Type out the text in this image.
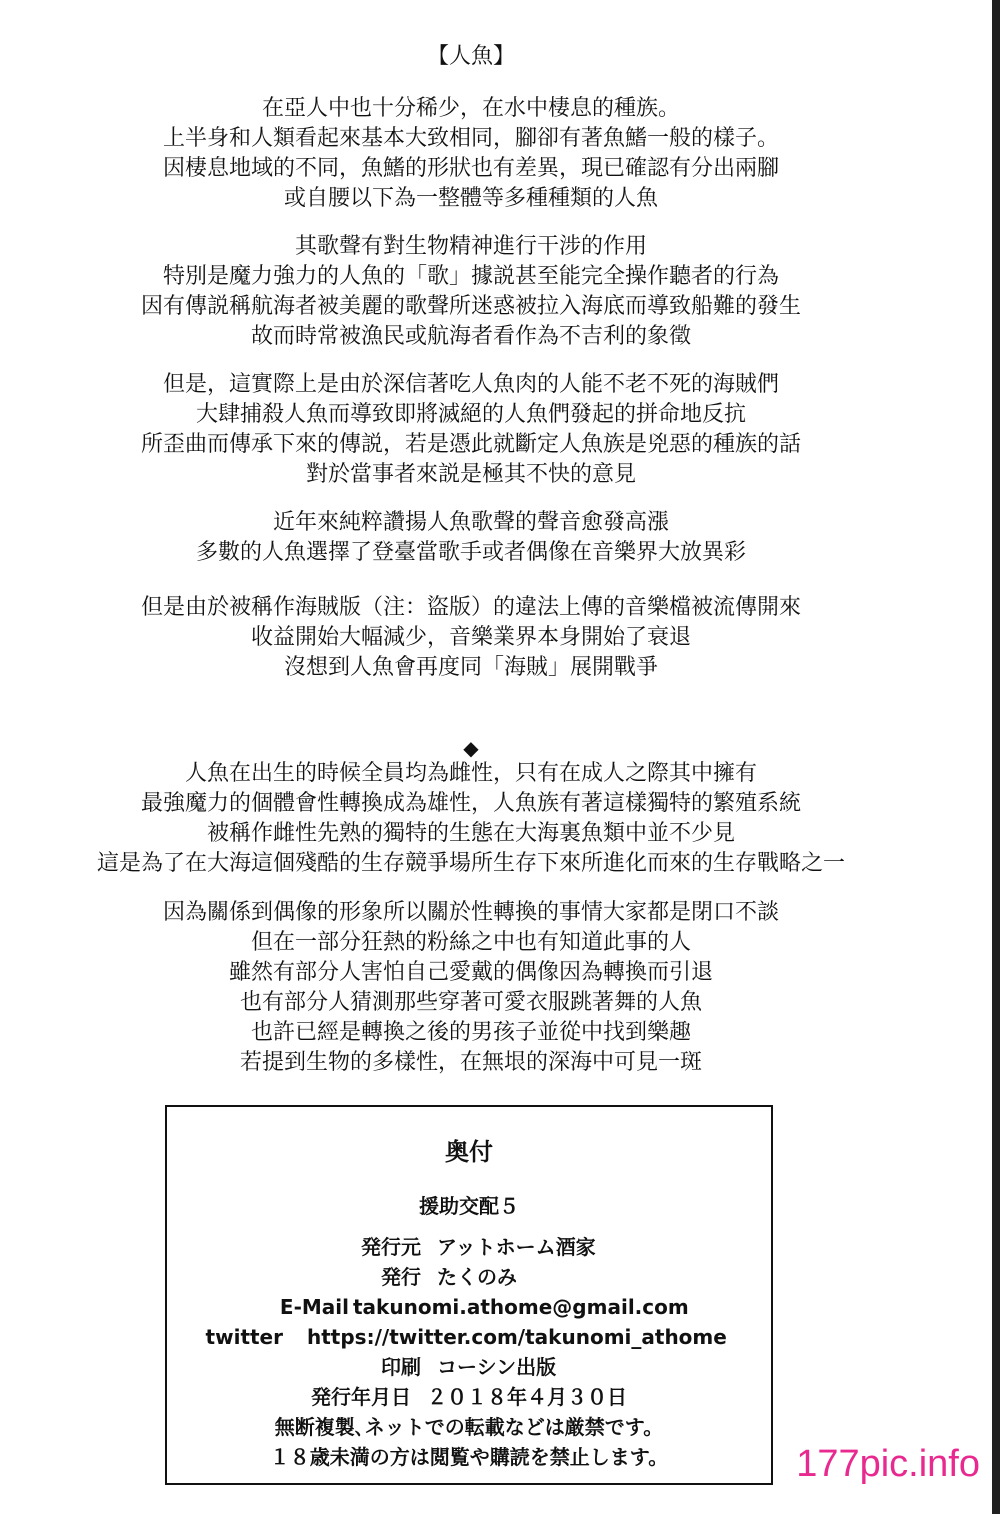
【人魚】
在亞人中也十分稀少，在水中棲息的種族。
上半身和人類看起來基本大致相同，腳卻有著魚鰭一般的樣子。
因棲息地域的不同，魚鰭的形狀也有差異，現已確認有分出兩腳
或自腰以下為一整體等多種種類的人魚
其歌聲有對生物精神進行干涉的作用
特別是魔力強力的人魚的「歌」據説甚至能完全操作聽者的行為
因有傳説稱航海者被美麗的歌聲所迷惑被拉入海底而導致船難的發生
故而時常被漁民或航海者看作為不吉利的象徵
但是，這實際上是由於深信著吃人魚肉的人能不老不死的海賊們
大肆捕殺人魚而導致即將滅絕的人魚們發起的拼命地反抗
所歪曲而傳承下來的傳説，若是憑此就斷定人魚族是兇惡的種族的話
對於當事者來説是極其不快的意見
近年來純粹讚揚人魚歌聲的聲音愈發高漲
多數的人魚選擇了登臺當歌手或者偶像在音樂界大放異彩
但是由於被稱作海賊版（注：盜版）的違法上傳的音樂檔被流傳開來
收益開始大幅減少，音樂業界本身開始了衰退
沒想到人魚會再度同「海賊」展開戰爭
◆
人魚在出生的時候全員均為雌性，只有在成人之際其中擁有
最強魔力的個體會性轉換成為雄性，人魚族有著這樣獨特的繁殖系統
被稱作雌性先熟的獨特的生態在大海裏魚類中並不少見
這是為了在大海這個殘酷的生存競爭場所生存下來所進化而來的生存戰略之一
因為關係到偶像的形象所以關於性轉換的事情大家都是閉口不談
但在一部分狂熱的粉絲之中也有知道此事的人
雖然有部分人害怕自己愛戴的偶像因為轉換而引退
也有部分人猜測那些穿著可愛衣服跳著舞的人魚
也許已經是轉換之後的男孩子並從中找到樂趣
若提到生物的多樣性，在無垠的深海中可見一斑
奥付
援助交配５
発行元 アットホーム酒家
発行 たくのみ
E-Mail takunomi.athome@gmail.com
twitter https://twitter.com/takunomi_athome
印刷 コーシン出版
発行年月日 ２０１８年４月３０日
無断複製､ネットでの転載などは厳禁です。
１８歳未満の方は閲覧や購読を禁止します。	177pic.info
